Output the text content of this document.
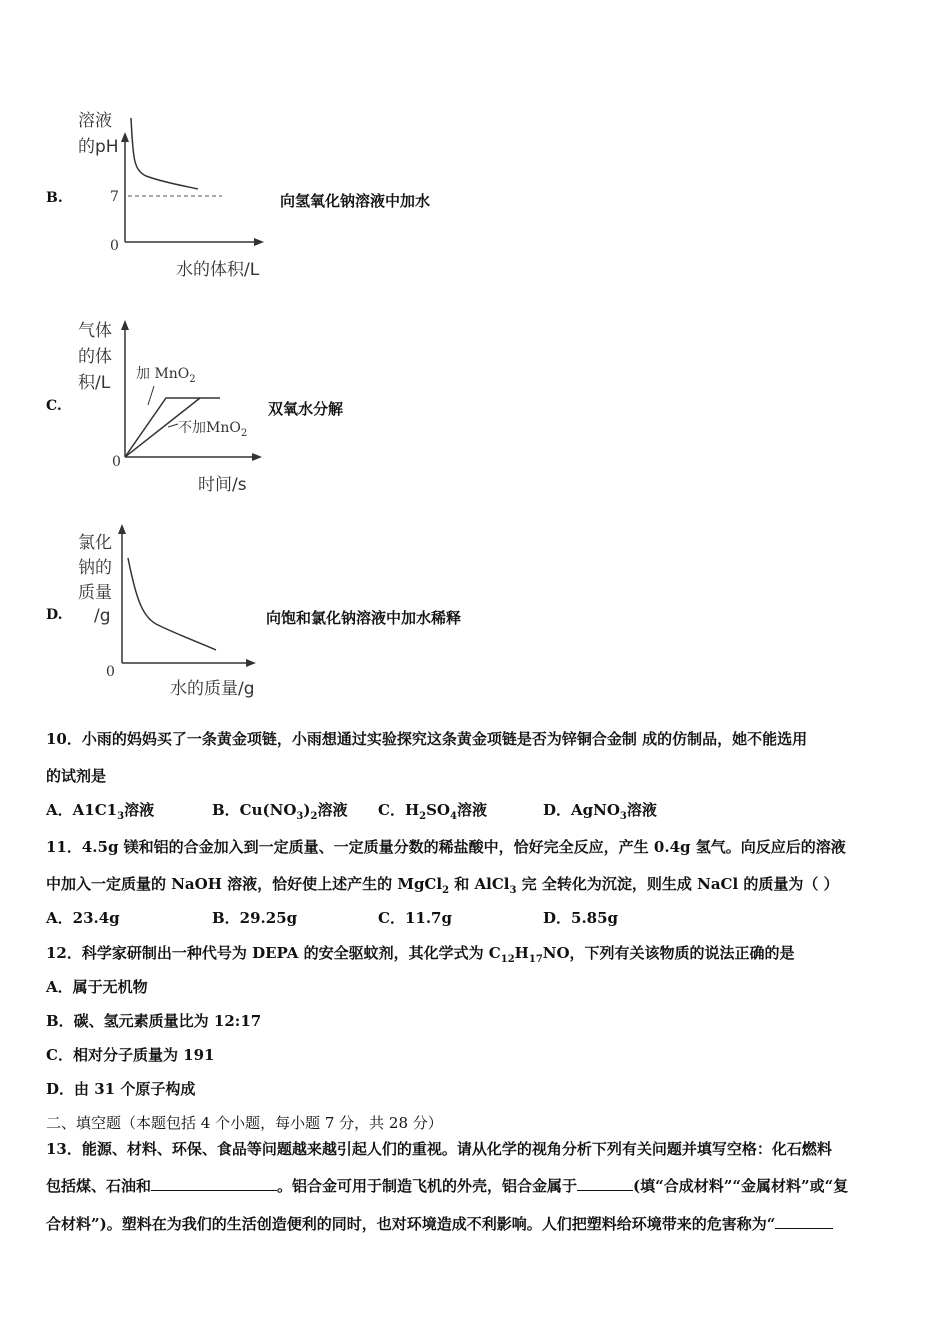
B.
溶液
的pH
7
0
水的体积/L
向氢氧化钠溶液中加水
C.
气体
的体
积/L 加 MnO$_2$
不加MnO$_2$
0
时间/s
双氧水分解
D.
氯化
钠的
质量
/g
0
水的质量/g
向饱和氯化钠溶液中加水稀释
10．小雨的妈妈买了一条黄金项链，小雨想通过实验探究这条黄金项链是否为锌铜合金制 成的仿制品，她不能选用
的试剂是
A．$A1C1_3$溶液	B．$Cu(NO_3)_2$溶液 C．$H_2SO_4$溶液	D．AgNO$_3$溶液
11．4.5g 镁和铝的合金加入到一定质量、一定质量分数的稀盐酸中，恰好完全反应，产生 0.4g 氢气。向反应后的溶液
中加入一定质量的 NaOH 溶液，恰好使上述产生的 MgCl$_2$ 和 AlCl$_3$ 完 全转化为沉淀，则生成 NaCl 的质量为（ ）
A．23.4g	B．29.25g	C．11.7g	D．5.85g
12．科学家研制出一种代号为 DEPA 的安全驱蚊剂，其化学式为 $C_{12}H_{17}NO$，下列有关该物质的说法正确的是
A．属于无机物
B．碳、氢元素质量比为 12:17
C．相对分子质量为 191
D．由 31 个原子构成
二、填空题（本题包括 4 个小题，每小题 7 分，共 28 分）
13．能源、材料、环保、食品等问题越来越引起人们的重视。请从化学的视角分析下列有关问题并填写空格：化石燃料
包括煤、石油和	。铝合金可用于制造飞机的外壳，铝合金属于	(填“合成材料”“金属材料”或“复
合材料”)。塑料在为我们的生活创造便利的同时，也对环境造成不利影响。人们把塑料给环境带来的危害称为“
